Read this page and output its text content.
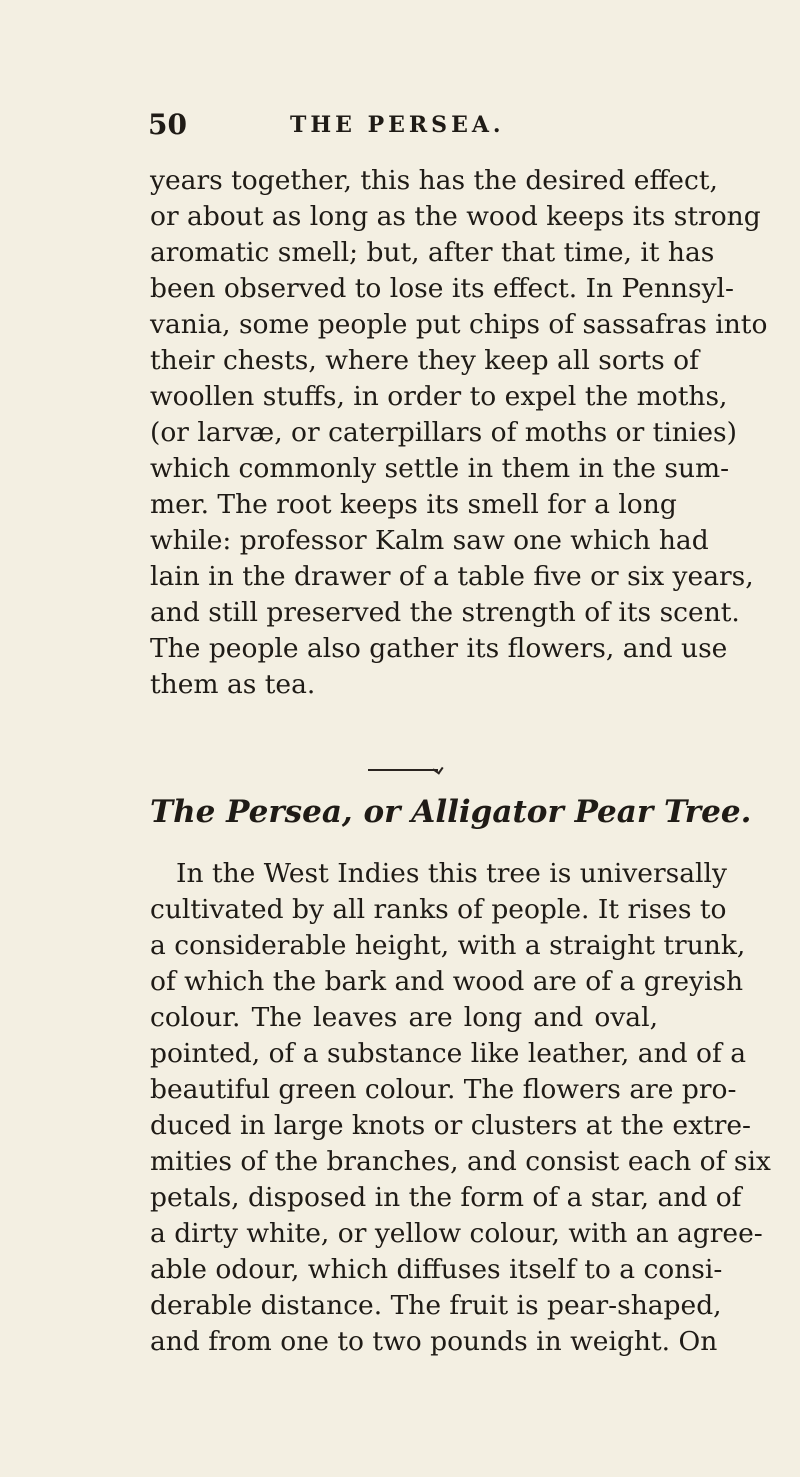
50	THE PERSEA.
years together, this has the desired effect,
or about as long as the wood keeps its strong
aromatic smell; but, after that time, it has
been observed to lose its effect. In Pennsyl-
vania, some people put chips of sassafras into
their chests, where they keep all sorts of
woollen stuffs, in order to expel the moths,
(or larvæ, or caterpillars of moths or tinies)
which commonly settle in them in the sum-
mer. The root keeps its smell for a long
while: professor Kalm saw one which had
lain in the drawer of a table five or six years,
and still preserved the strength of its scent.
The people also gather its flowers, and use
them as tea.
The Persea, or Alligator Pear Tree.
In the West Indies this tree is universally
cultivated by all ranks of people. It rises to
a considerable height, with a straight trunk,
of which the bark and wood are of a greyish
colour. The leaves are long and oval,
pointed, of a substance like leather, and of a
beautiful green colour. The flowers are pro-
duced in large knots or clusters at the extre-
mities of the branches, and consist each of six
petals, disposed in the form of a star, and of
a dirty white, or yellow colour, with an agree-
able odour, which diffuses itself to a consi-
derable distance. The fruit is pear-shaped,
and from one to two pounds in weight. On
